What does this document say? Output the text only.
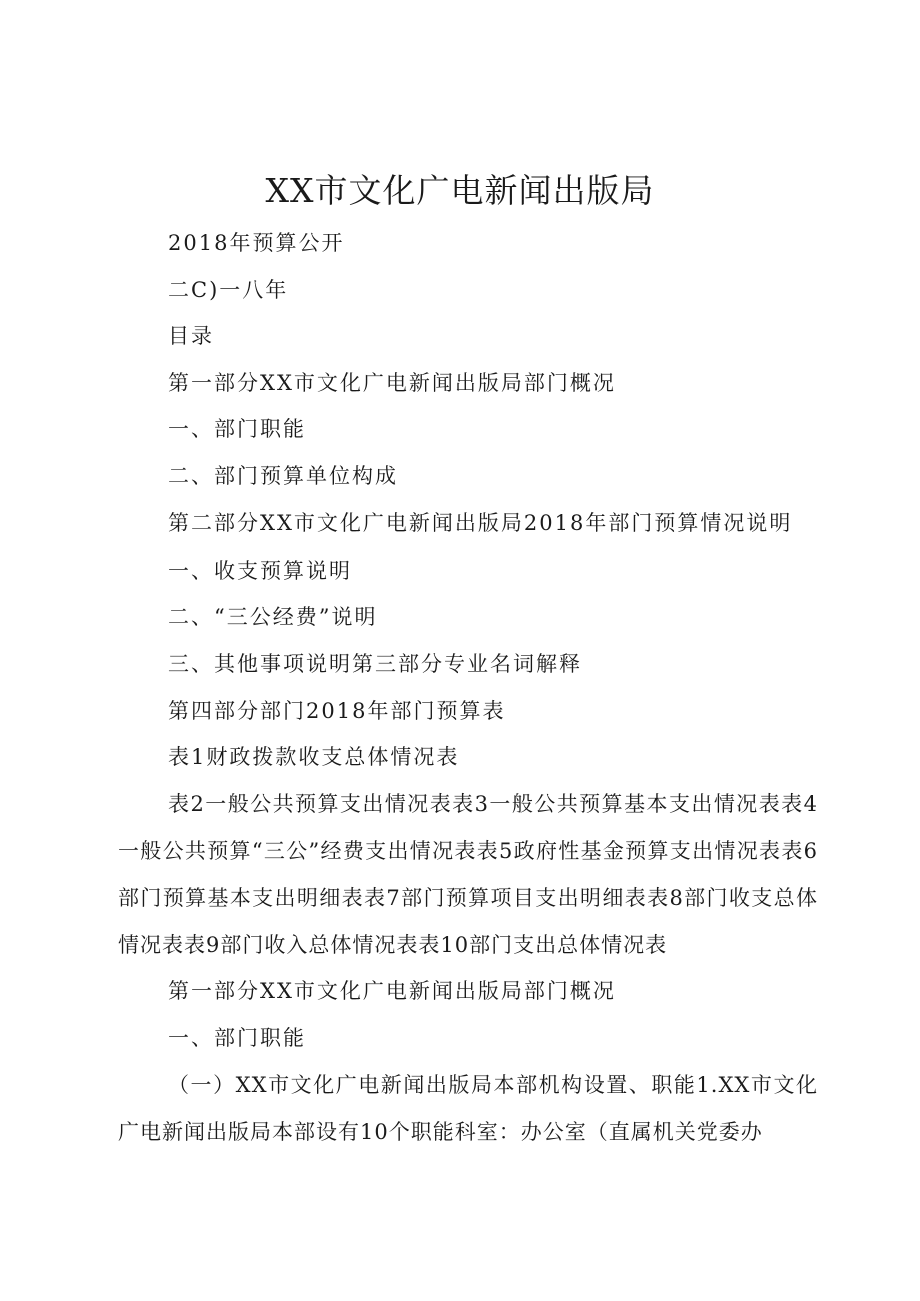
XX市文化广电新闻出版局
2018年预算公开
二C)一八年
目录
第一部分XX市文化广电新闻出版局部门概况
一、部门职能
二、部门预算单位构成
第二部分XX市文化广电新闻出版局2018年部门预算情况说明
一、收支预算说明
二、“三公经费”说明
三、其他事项说明第三部分专业名词解释
第四部分部门2018年部门预算表
表1财政拨款收支总体情况表
表2一般公共预算支出情况表表3一般公共预算基本支出情况表表4一般公共预算“三公”经费支出情况表表5政府性基金预算支出情况表表6部门预算基本支出明细表表7部门预算项目支出明细表表8部门收支总体情况表表9部门收入总体情况表表10部门支出总体情况表
第一部分XX市文化广电新闻出版局部门概况
一、部门职能
（一）XX市文化广电新闻出版局本部机构设置、职能1.XX市文化广电新闻出版局本部设有10个职能科室：办公室（直属机关党委办
